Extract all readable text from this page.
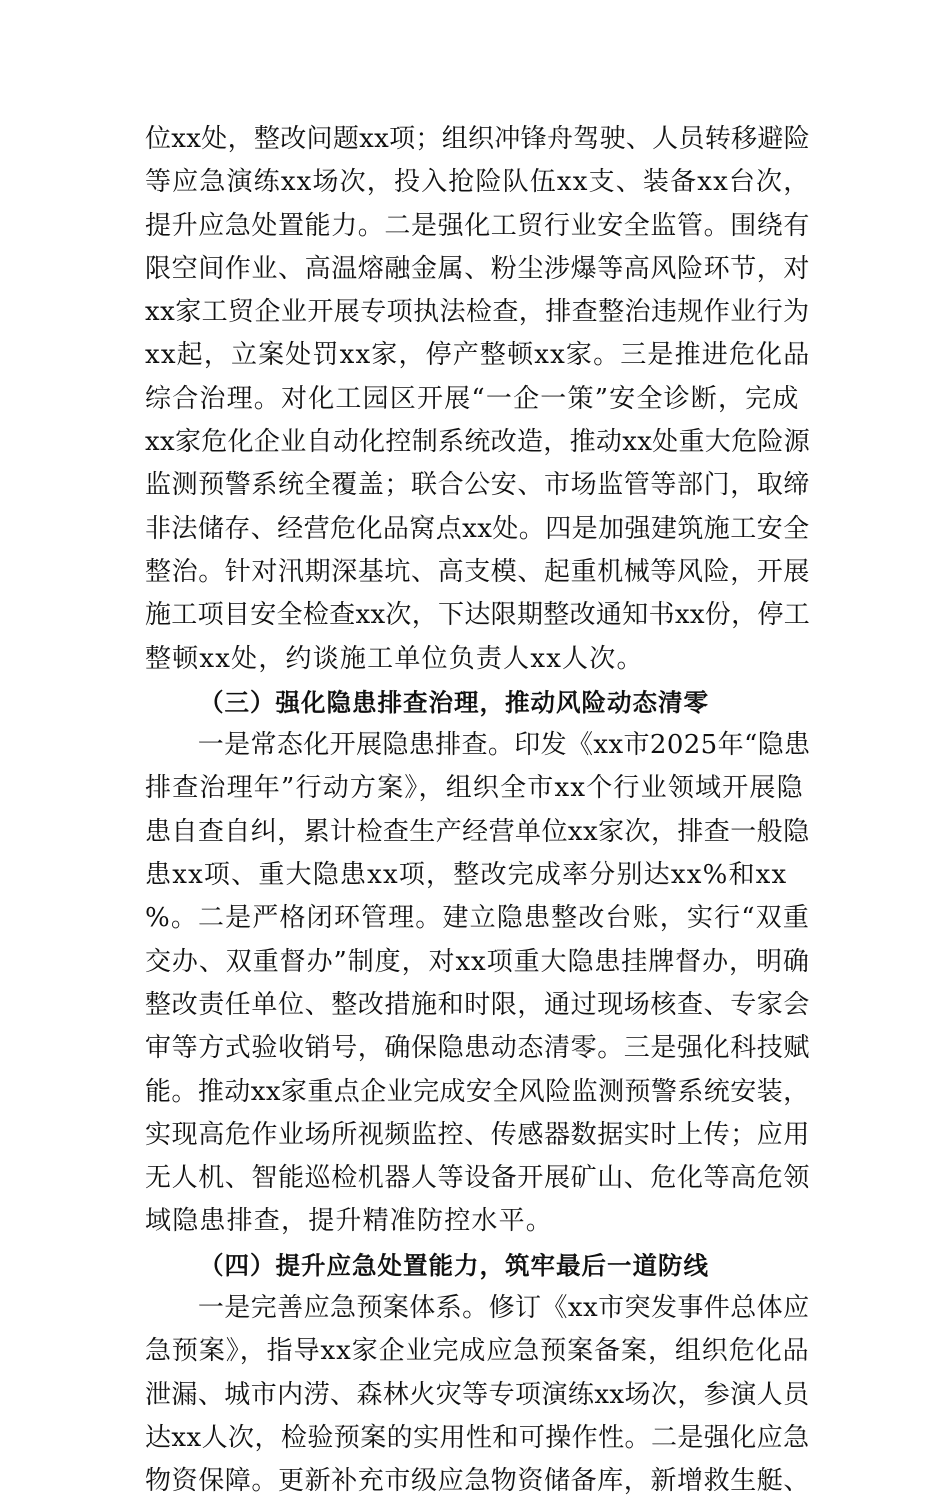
位xx处，整改问题xx项；组织冲锋舟驾驶、人员转移避险
等应急演练xx场次，投入抢险队伍xx支、装备xx台次，
提升应急处置能力。二是强化工贸行业安全监管。围绕有
限空间作业、高温熔融金属、粉尘涉爆等高风险环节，对
xx家工贸企业开展专项执法检查，排查整治违规作业行为
xx起，立案处罚xx家，停产整顿xx家。三是推进危化品
综合治理。对化工园区开展“一企一策”安全诊断，完成
xx家危化企业自动化控制系统改造，推动xx处重大危险源
监测预警系统全覆盖；联合公安、市场监管等部门，取缔
非法储存、经营危化品窝点xx处。四是加强建筑施工安全
整治。针对汛期深基坑、高支模、起重机械等风险，开展
施工项目安全检查xx次，下达限期整改通知书xx份，停工
整顿xx处，约谈施工单位负责人xx人次。
（三）强化隐患排查治理，推动风险动态清零
　　一是常态化开展隐患排查。印发《xx市2025年“隐患
排查治理年”行动方案》，组织全市xx个行业领域开展隐
患自查自纠，累计检查生产经营单位xx家次，排查一般隐
患xx项、重大隐患xx项，整改完成率分别达xx%和xx
%。二是严格闭环管理。建立隐患整改台账，实行“双重
交办、双重督办”制度，对xx项重大隐患挂牌督办，明确
整改责任单位、整改措施和时限，通过现场核查、专家会
审等方式验收销号，确保隐患动态清零。三是强化科技赋
能。推动xx家重点企业完成安全风险监测预警系统安装，
实现高危作业场所视频监控、传感器数据实时上传；应用
无人机、智能巡检机器人等设备开展矿山、危化等高危领
域隐患排查，提升精准防控水平。
（四）提升应急处置能力，筑牢最后一道防线
　　一是完善应急预案体系。修订《xx市突发事件总体应
急预案》，指导xx家企业完成应急预案备案，组织危化品
泄漏、城市内涝、森林火灾等专项演练xx场次，参演人员
达xx人次，检验预案的实用性和可操作性。二是强化应急
物资保障。更新补充市级应急物资储备库，新增救生艇、
